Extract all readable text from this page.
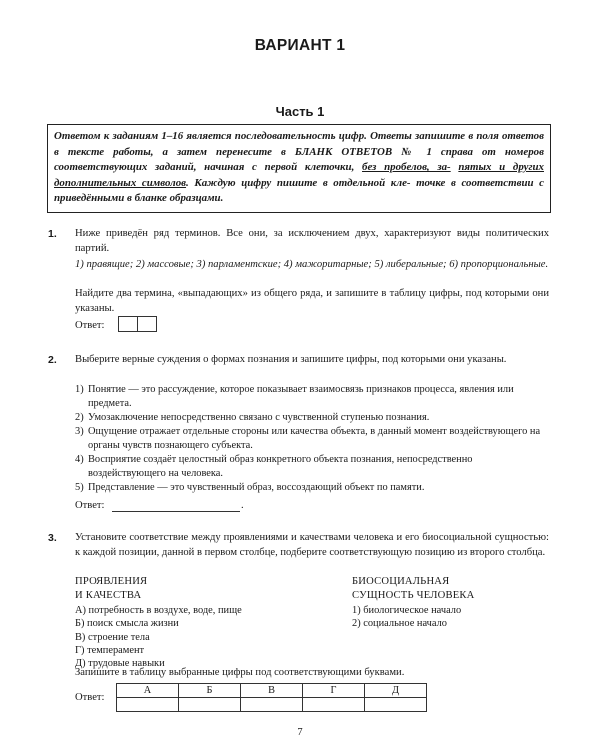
ВАРИАНТ 1
Часть 1
Ответом к заданиям 1–16 является последовательность цифр. Ответы запишите в поля ответов в тексте работы, а затем перенесите в БЛАНК ОТВЕТОВ № 1 справа от номеров соответствующих заданий, начиная с первой клеточки, без пробелов, за- пятых и других дополнительных символов. Каждую цифру пишите в отдельной кле- точке в соответствии с приведёнными в бланке образцами.
1. Ниже приведён ряд терминов. Все они, за исключением двух, характеризуют виды политических партий.
1) правящие; 2) массовые; 3) парламентские; 4) мажоритарные; 5) либеральные; 6) пропорциональные.
Найдите два термина, «выпадающих» из общего ряда, и запишите в таблицу цифры, под которыми они указаны.
Ответ:
2. Выберите верные суждения о формах познания и запишите цифры, под которыми они указаны.
1) Понятие — это рассуждение, которое показывает взаимосвязь признаков процесса, явления или предмета.
2) Умозаключение непосредственно связано с чувственной ступенью познания.
3) Ощущение отражает отдельные стороны или качества объекта, в данный момент воздействующего на органы чувств познающего субъекта.
4) Восприятие создаёт целостный образ конкретного объекта познания, непосредственно воздействующего на человека.
5) Представление — это чувственный образ, воссоздающий объект по памяти.
Ответ:	.
3. Установите соответствие между проявлениями и качествами человека и его биосоциальной сущностью: к каждой позиции, данной в первом столбце, подберите соответствующую позицию из второго столбца.
ПРОЯВЛЕНИЯ
И КАЧЕСТВА
БИОСОЦИАЛЬНАЯ
СУЩНОСТЬ ЧЕЛОВЕКА
А) потребность в воздухе, воде, пище
Б) поиск смысла жизни
В) строение тела
Г) темперамент
Д) трудовые навыки
1) биологическое начало
2) социальное начало
Запишите в таблицу выбранные цифры под соответствующими буквами.
Ответ:
А	Б	В	Г	Д

7
